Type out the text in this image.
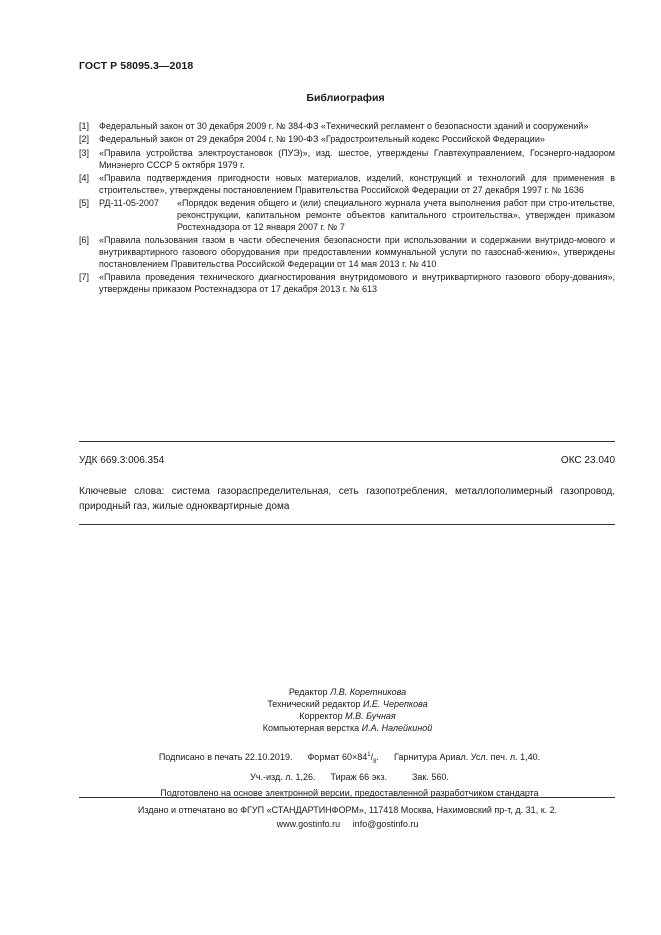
ГОСТ Р 58095.3—2018
Библиография
[1]	Федеральный закон от 30 декабря 2009 г. № 384-ФЗ «Технический регламент о безопасности зданий и сооружений»
[2]	Федеральный закон от 29 декабря 2004 г. № 190-ФЗ «Градостроительный кодекс Российской Федерации»
[3]	«Правила устройства электроустановок (ПУЭ)», изд. шестое, утверждены Главтехуправлением, Госэнерго-надзором Минэнерго СССР 5 октября 1979 г.
[4]	«Правила подтверждения пригодности новых материалов, изделий, конструкций и технологий для применения в строительстве», утверждены постановлением Правительства Российской Федерации от 27 декабря 1997 г. № 1636
[5]	РД-11-05-2007	«Порядок ведения общего и (или) специального журнала учета выполнения работ при стро-ительстве, реконструкции, капитальном ремонте объектов капитального строительства», утвержден приказом Ростехнадзора от 12 января 2007 г. № 7
[6]	«Правила пользования газом в части обеспечения безопасности при использовании и содержании внутридо-мового и внутриквартирного газового оборудования при предоставлении коммунальной услуги по газоснаб-жению», утверждены постановлением Правительства Российской Федерации от 14 мая 2013 г. № 410
[7]	«Правила проведения технического диагностирования внутридомового и внутриквартирного газового обору-дования», утверждены приказом Ростехнадзора от 17 декабря 2013 г. № 613
УДК 669.3:006.354	ОКС 23.040
Ключевые слова: система газораспределительная, сеть газопотребления, металлополимерный газопровод, природный газ, жилые одноквартирные дома
Редактор Л.В. Коретникова
Технический редактор И.Е. Черепкова
Корректор М.В. Бучная
Компьютерная верстка И.А. Налейкиной
Подписано в печать 22.10.2019. Формат $60\times 84^1/_8$. Гарнитура Ариал. Усл. печ. л. 1,40.
Уч.-изд. л. 1,26. Тираж 66 экз.	Зак. 560.
Подготовлено на основе электронной версии, предоставленной разработчиком стандарта
Издано и отпечатано во ФГУП «СТАНДАРТИНФОРМ», 117418 Москва, Нахимовский пр-т, д. 31, к. 2.
www.gostinfo.ru info@gostinfo.ru
